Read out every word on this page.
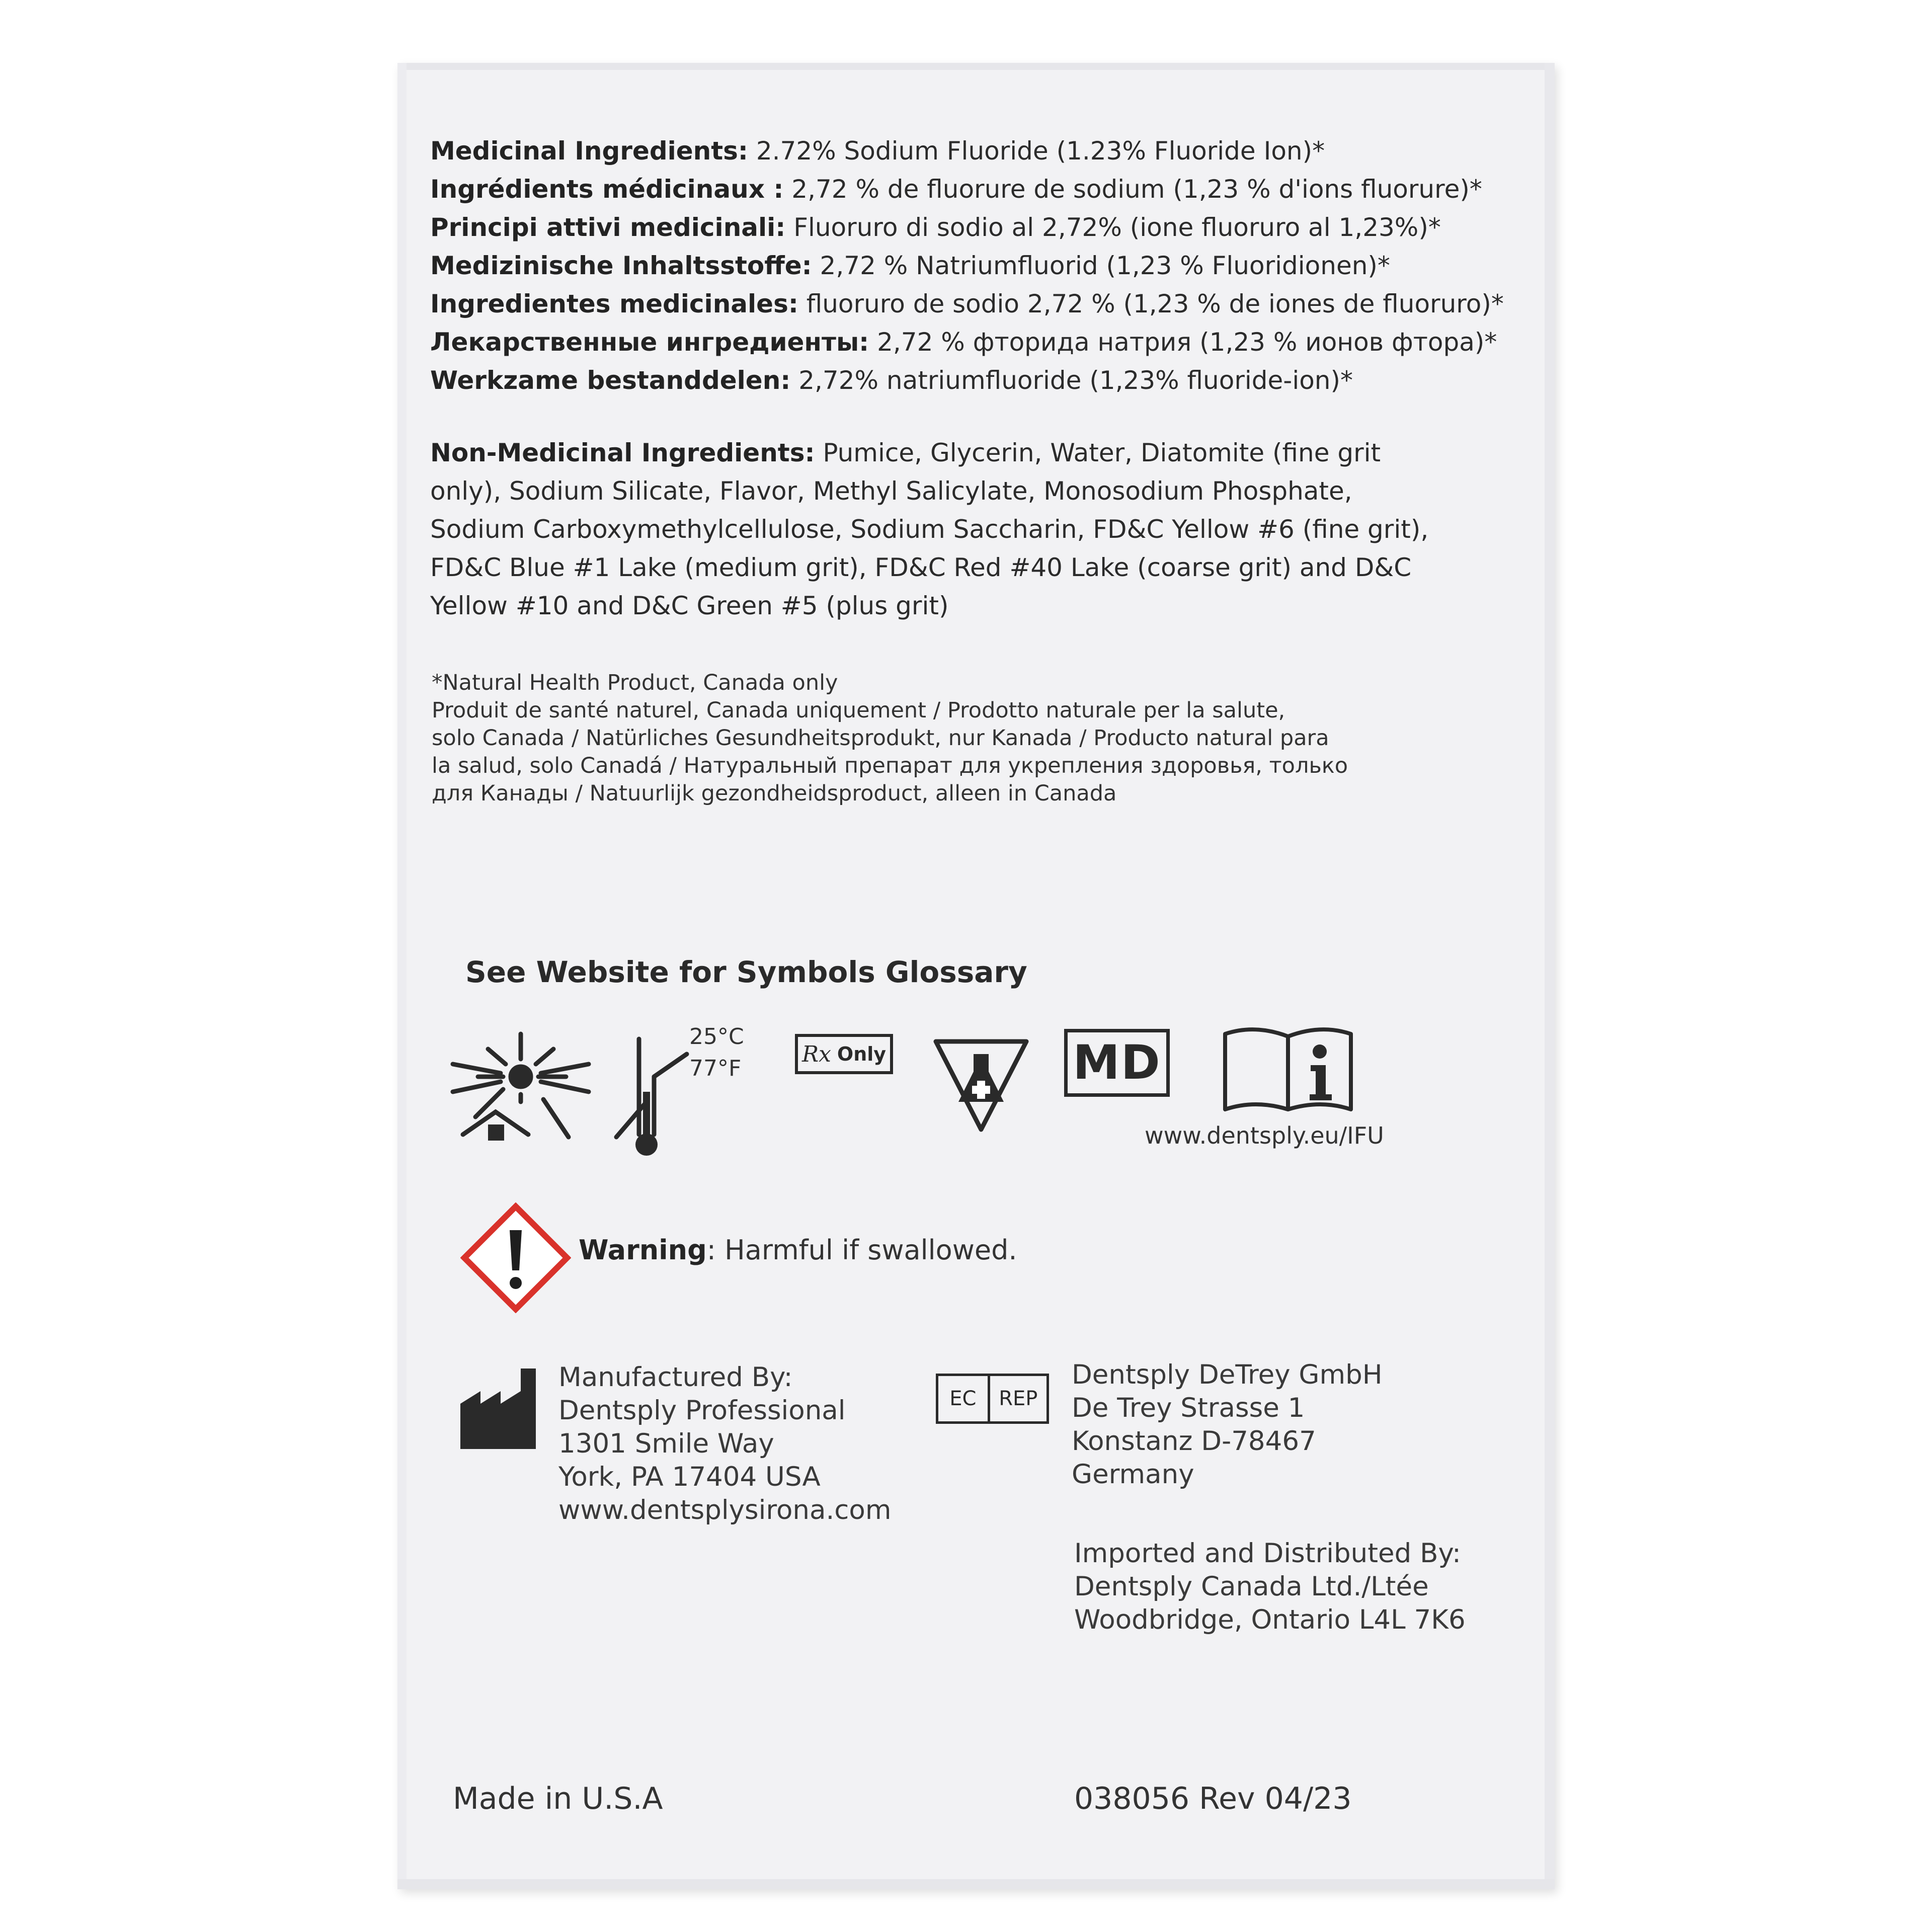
Medicinal Ingredients: 2.72% Sodium Fluoride (1.23% Fluoride Ion)*
Ingrédients médicinaux : 2,72 % de fluorure de sodium (1,23 % d'ions fluorure)*
Principi attivi medicinali: Fluoruro di sodio al 2,72% (ione fluoruro al 1,23%)*
Medizinische Inhaltsstoffe: 2,72 % Natriumfluorid (1,23 % Fluoridionen)*
Ingredientes medicinales: fluoruro de sodio 2,72 % (1,23 % de iones de fluoruro)*
Лекарственные ингредиенты: 2,72 % фторида натрия (1,23 % ионов фтора)*
Werkzame bestanddelen: 2,72% natriumfluoride (1,23% fluoride-ion)*
Non-Medicinal Ingredients: Pumice, Glycerin, Water, Diatomite (fine grit only), Sodium Silicate, Flavor, Methyl Salicylate, Monosodium Phosphate, Sodium Carboxymethylcellulose, Sodium Saccharin, FD&C Yellow #6 (fine grit), FD&C Blue #1 Lake (medium grit), FD&C Red #40 Lake (coarse grit) and D&C Yellow #10 and D&C Green #5 (plus grit)
*Natural Health Product, Canada only
Produit de santé naturel, Canada uniquement / Prodotto naturale per la salute,
solo Canada / Natürliches Gesundheitsprodukt, nur Kanada / Producto natural para
la salud, solo Canadá / Натуральный препарат для укрепления здоровья, только
для Канады / Natuurlijk gezondheidsproduct, alleen in Canada
See Website for Symbols Glossary
25°C
77°F
Rx Only	MD
www.dentsply.eu/IFU
Warning: Harmful if swallowed.
Manufactured By:
Dentsply Professional
1301 Smile Way
York, PA 17404 USA
www.dentsplysirona.com
EC	REP
Dentsply DeTrey GmbH
De Trey Strasse 1
Konstanz D-78467
Germany
Imported and Distributed By:
Dentsply Canada Ltd./Ltée
Woodbridge, Ontario L4L 7K6
Made in U.S.A	038056 Rev 04/23
